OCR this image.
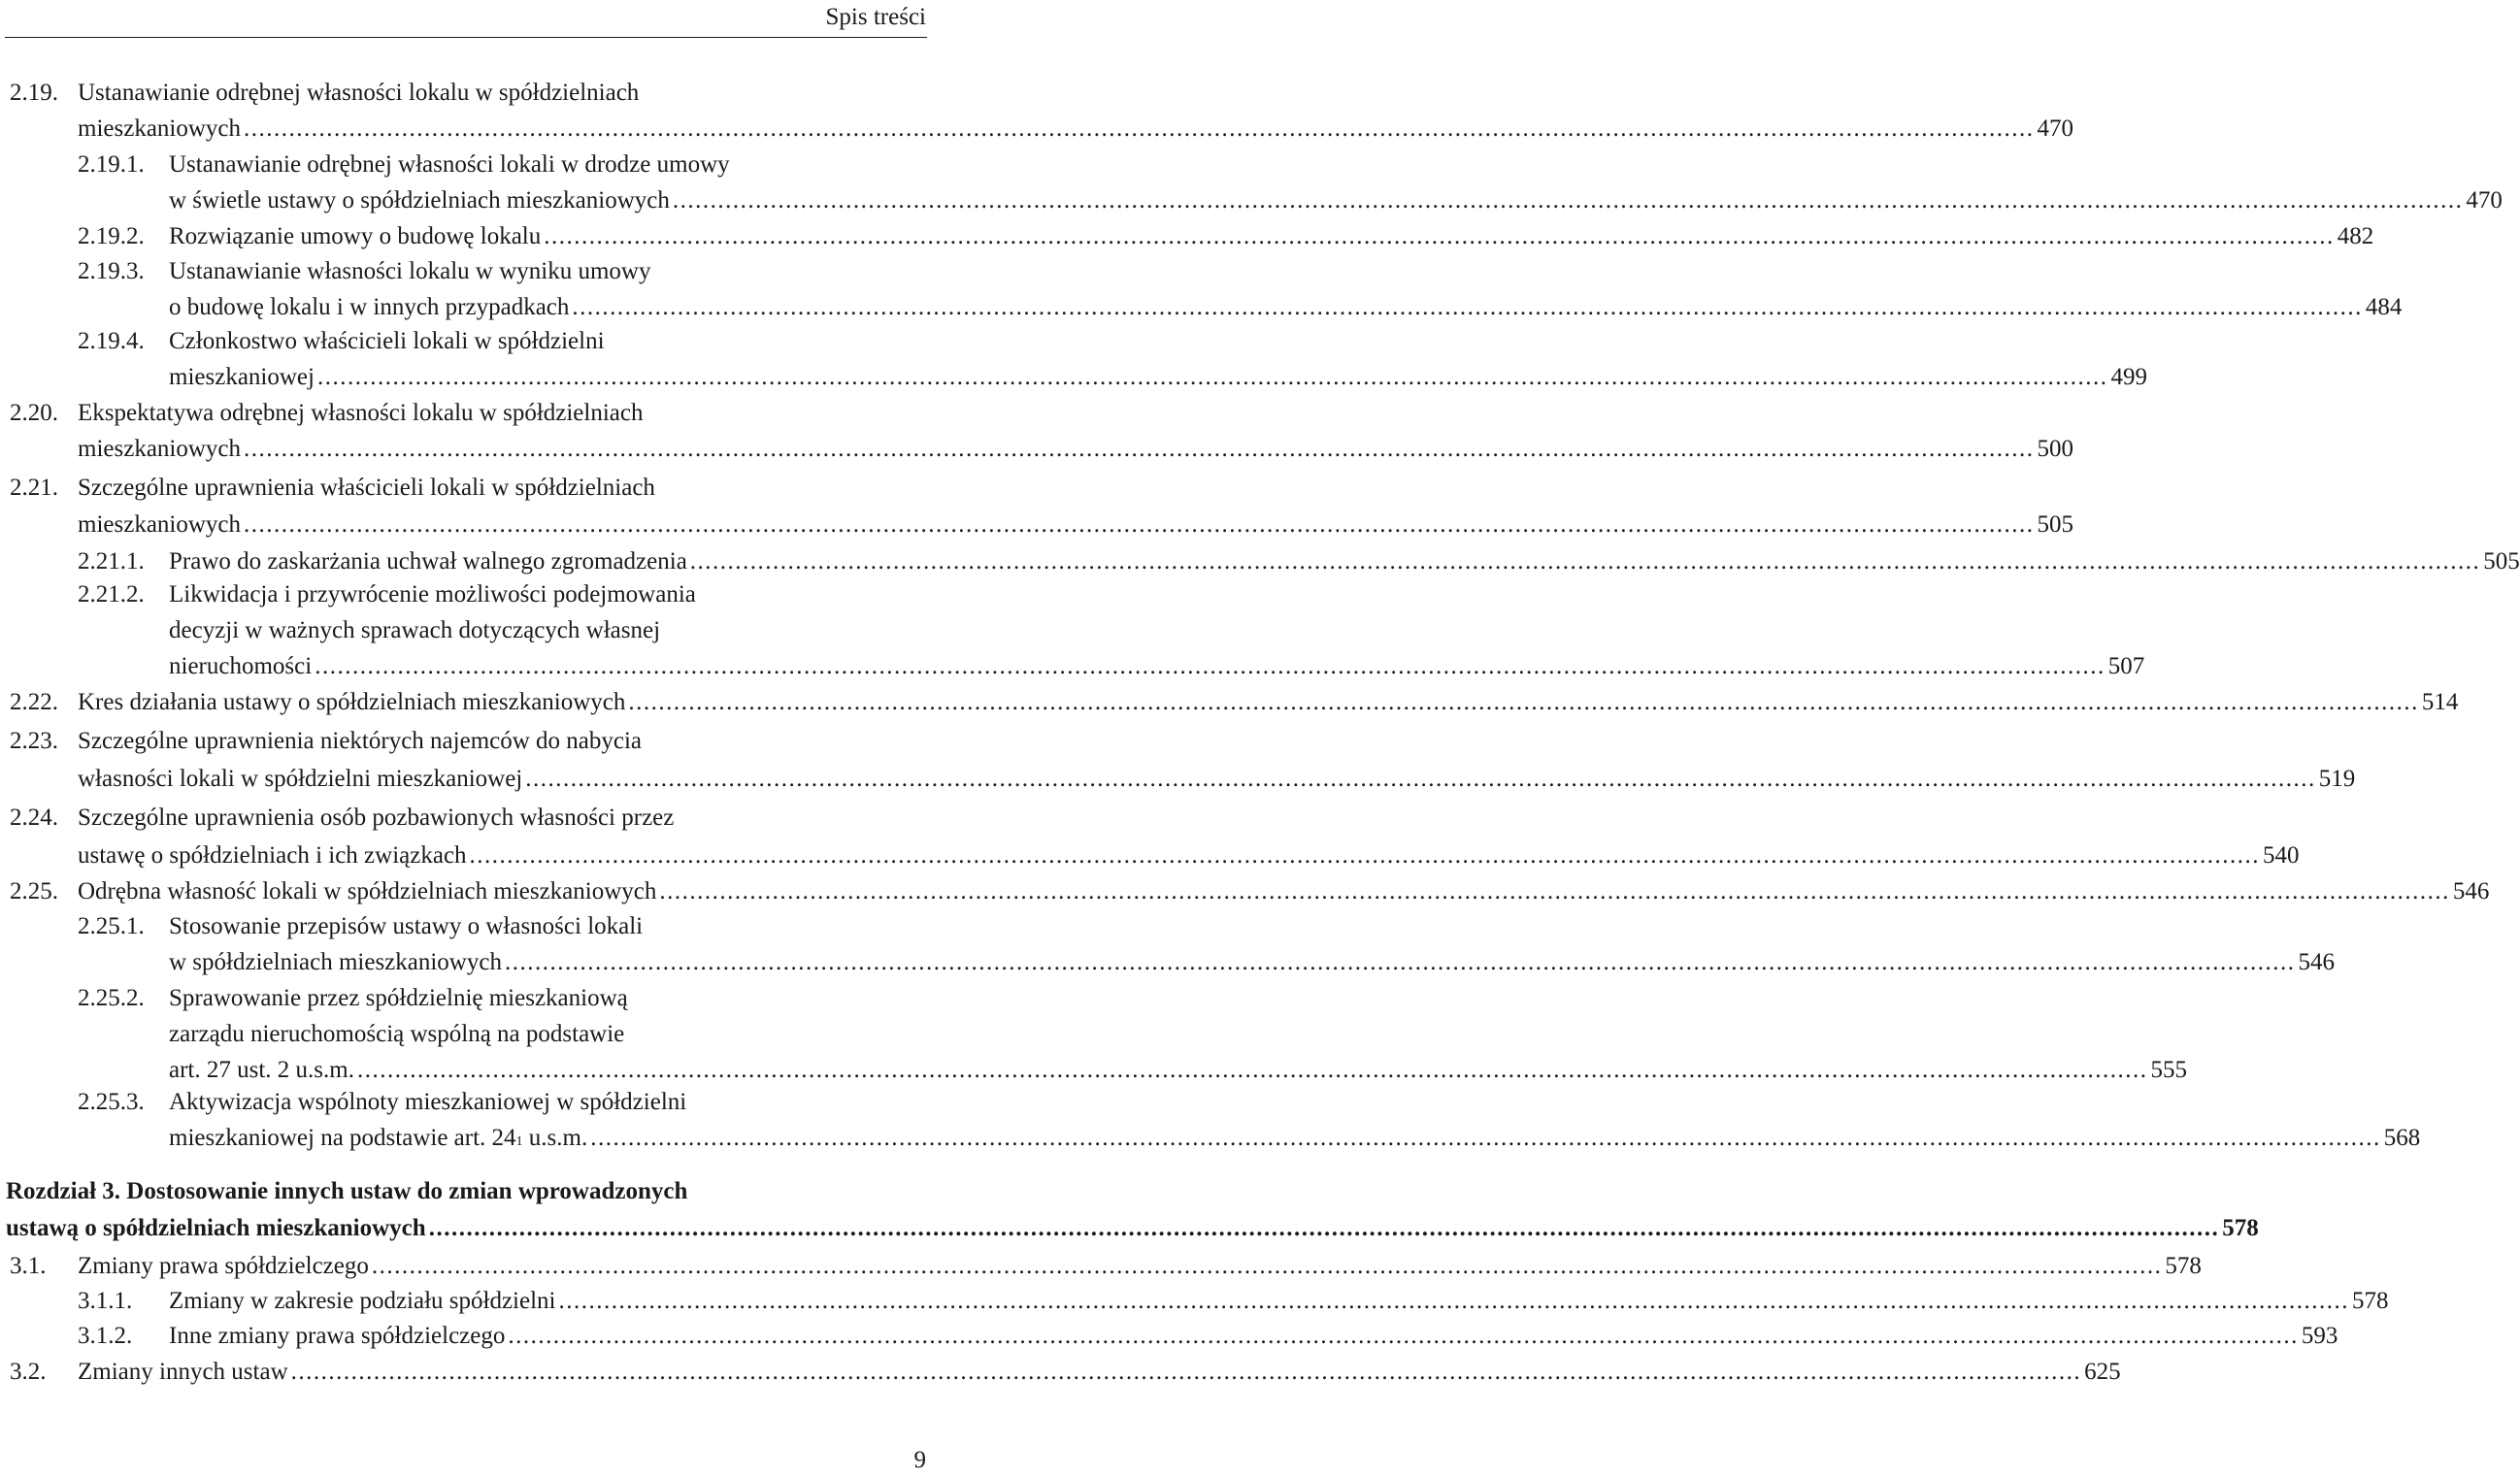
Spis treści
2.19. Ustanawianie odrębnej własności lokalu w spółdzielniach
mieszkaniowych .............................................................................................................................................................................................................................................. 470
2.19.1. Ustanawianie odrębnej własności lokali w drodze umowy
w świetle ustawy o spółdzielniach mieszkaniowych .............................................................................................................................................................................................................................................. 470
2.19.2. Rozwiązanie umowy o budowę lokalu .............................................................................................................................................................................................................................................. 482
2.19.3. Ustanawianie własności lokalu w wyniku umowy
o budowę lokalu i w innych przypadkach .............................................................................................................................................................................................................................................. 484
2.19.4. Członkostwo właścicieli lokali w spółdzielni
mieszkaniowej .............................................................................................................................................................................................................................................. 499
2.20. Ekspektatywa odrębnej własności lokalu w spółdzielniach
mieszkaniowych .............................................................................................................................................................................................................................................. 500
2.21. Szczególne uprawnienia właścicieli lokali w spółdzielniach
mieszkaniowych .............................................................................................................................................................................................................................................. 505
2.21.1. Prawo do zaskarżania uchwał walnego zgromadzenia .............................................................................................................................................................................................................................................. 505
2.21.2. Likwidacja i przywrócenie możliwości podejmowania
decyzji w ważnych sprawach dotyczących własnej
nieruchomości .............................................................................................................................................................................................................................................. 507
2.22. Kres działania ustawy o spółdzielniach mieszkaniowych .............................................................................................................................................................................................................................................. 514
2.23. Szczególne uprawnienia niektórych najemców do nabycia
własności lokali w spółdzielni mieszkaniowej .............................................................................................................................................................................................................................................. 519
2.24. Szczególne uprawnienia osób pozbawionych własności przez
ustawę o spółdzielniach i ich związkach .............................................................................................................................................................................................................................................. 540
2.25. Odrębna własność lokali w spółdzielniach mieszkaniowych .............................................................................................................................................................................................................................................. 546
2.25.1. Stosowanie przepisów ustawy o własności lokali
w spółdzielniach mieszkaniowych .............................................................................................................................................................................................................................................. 546
2.25.2. Sprawowanie przez spółdzielnię mieszkaniową
zarządu nieruchomością wspólną na podstawie
art. 27 ust. 2 u.s.m. .............................................................................................................................................................................................................................................. 555
2.25.3. Aktywizacja wspólnoty mieszkaniowej w spółdzielni
mieszkaniowej na podstawie art. 24 1 u.s.m. .............................................................................................................................................................................................................................................. 568
Rozdział 3. Dostosowanie innych ustaw do zmian wprowadzonych
ustawą o spółdzielniach mieszkaniowych .............................................................................................................................................................................................................................................. 578
3.1. Zmiany prawa spółdzielczego .............................................................................................................................................................................................................................................. 578
3.1.1. Zmiany w zakresie podziału spółdzielni .............................................................................................................................................................................................................................................. 578
3.1.2. Inne zmiany prawa spółdzielczego .............................................................................................................................................................................................................................................. 593
3.2. Zmiany innych ustaw .............................................................................................................................................................................................................................................. 625
9
